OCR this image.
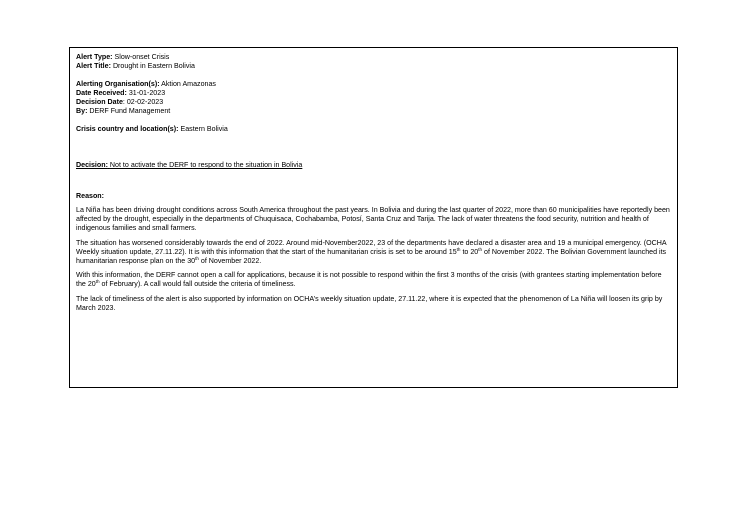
Alert Type: Slow-onset Crisis

Alert Title: Drought in Eastern Bolivia

Alerting Organisation(s): Aktion Amazonas

Date Received: 31-01-2023

Decision Date: 02-02-2023

By: DERF Fund Management

Crisis country and location(s): Eastern Bolivia

Decision: Not to activate the DERF to respond to the situation in Bolivia

Reason:

La Niña has been driving drought conditions across South America throughout the past years. In Bolivia and during the last quarter of 2022, more than 60 municipalities have reportedly been affected by the drought, especially in the departments of Chuquisaca, Cochabamba, Potosí, Santa Cruz and Tarija. The lack of water threatens the food security, nutrition and health of indigenous families and small farmers.

The situation has worsened considerably towards the end of 2022. Around mid-November2022, 23 of the departments have declared a disaster area and 19 a municipal emergency. (OCHA Weekly situation update, 27.11.22). It is with this information that the start of the humanitarian crisis is set to be around 15th to 20th of November 2022. The Bolivian Government launched its humanitarian response plan on the 30th of November 2022.

With this information, the DERF cannot open a call for applications, because it is not possible to respond within the first 3 months of the crisis (with grantees starting implementation before the 20th of February). A call would fall outside the criteria of timeliness.

The lack of timeliness of the alert is also supported by information on OCHA’s weekly situation update, 27.11.22, where it is expected that the phenomenon of La Niña will loosen its grip by March 2023.
